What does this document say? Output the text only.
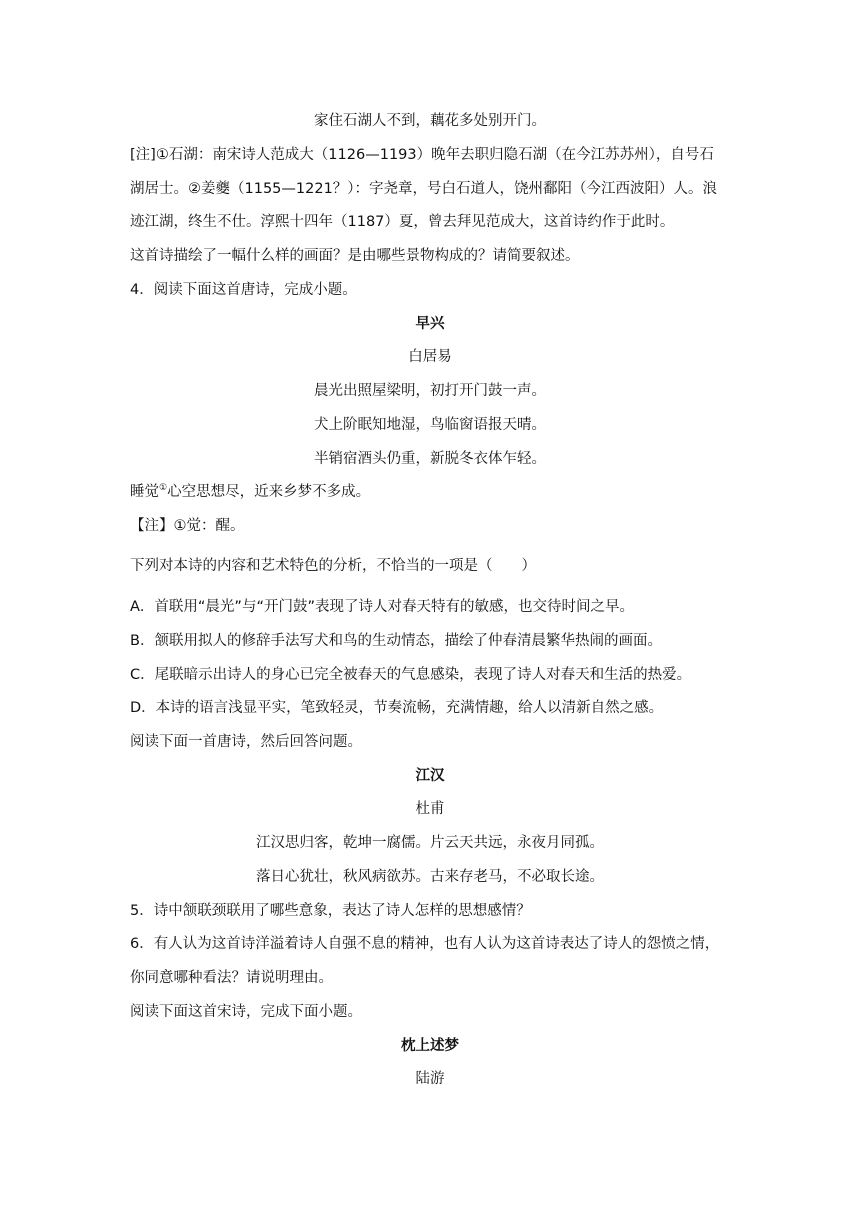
家住石湖人不到，藕花多处别开门。
[注]①石湖：南宋诗人范成大（1126—1193）晚年去职归隐石湖（在今江苏苏州），自号石
湖居士。②姜夔（1155—1221？）：字尧章，号白石道人，饶州鄱阳（今江西波阳）人。浪
迹江湖，终生不仕。淳熙十四年（1187）夏，曾去拜见范成大，这首诗约作于此时。
这首诗描绘了一幅什么样的画面？是由哪些景物构成的？请简要叙述。
4．阅读下面这首唐诗，完成小题。
早兴
白居易
晨光出照屋梁明，初打开门鼓一声。
犬上阶眠知地湿，鸟临窗语报天晴。
半销宿酒头仍重，新脱冬衣体乍轻。
睡觉①心空思想尽，近来乡梦不多成。
【注】①觉：醒。
下列对本诗的内容和艺术特色的分析，不恰当的一项是（　　）
A．首联用“晨光”与“开门鼓”表现了诗人对春天特有的敏感，也交待时间之早。
B．颔联用拟人的修辞手法写犬和鸟的生动情态，描绘了仲春清晨繁华热闹的画面。
C．尾联暗示出诗人的身心已完全被春天的气息感染，表现了诗人对春天和生活的热爱。
D．本诗的语言浅显平实，笔致轻灵，节奏流畅，充满情趣，给人以清新自然之感。
阅读下面一首唐诗，然后回答问题。
江汉
杜甫
江汉思归客，乾坤一腐儒。片云天共远，永夜月同孤。
落日心犹壮，秋风病欲苏。古来存老马，不必取长途。
5．诗中颔联颈联用了哪些意象，表达了诗人怎样的思想感情？
6．有人认为这首诗洋溢着诗人自强不息的精神，也有人认为这首诗表达了诗人的怨愤之情，
你同意哪种看法？请说明理由。
阅读下面这首宋诗，完成下面小题。
枕上述梦
陆游
